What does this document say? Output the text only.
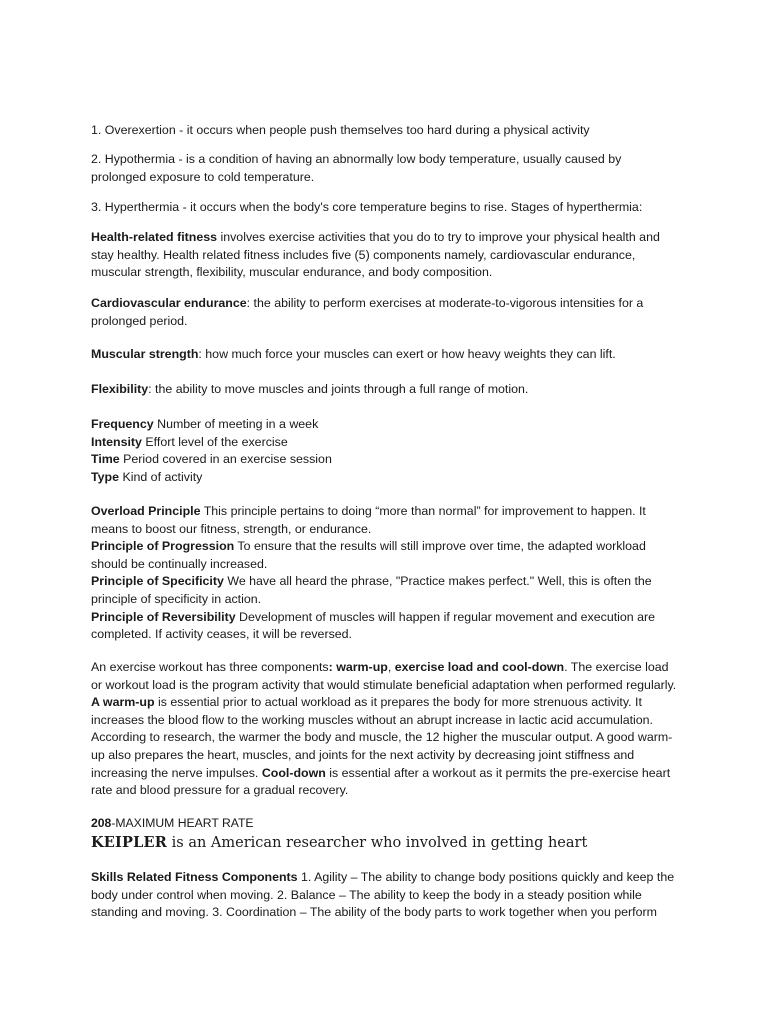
1. Overexertion - it occurs when people push themselves too hard during a physical activity

2. Hypothermia - is a condition of having an abnormally low body temperature, usually caused by prolonged exposure to cold temperature.

3. Hyperthermia - it occurs when the body's core temperature begins to rise. Stages of hyperthermia:

Health-related fitness involves exercise activities that you do to try to improve your physical health and stay healthy. Health related fitness includes five (5) components namely, cardiovascular endurance, muscular strength, flexibility, muscular endurance, and body composition.

Cardiovascular endurance: the ability to perform exercises at moderate-to-vigorous intensities for a prolonged period.

Muscular strength: how much force your muscles can exert or how heavy weights they can lift.

Flexibility: the ability to move muscles and joints through a full range of motion.

Frequency Number of meeting in a week
Intensity Effort level of the exercise
Time Period covered in an exercise session
Type Kind of activity
Overload Principle This principle pertains to doing “more than normal” for improvement to happen. It means to boost our fitness, strength, or endurance.
Principle of Progression To ensure that the results will still improve over time, the adapted workload should be continually increased.
Principle of Specificity We have all heard the phrase, "Practice makes perfect." Well, this is often the principle of specificity in action.
Principle of Reversibility Development of muscles will happen if regular movement and execution are completed. If activity ceases, it will be reversed.

An exercise workout has three components: warm-up, exercise load and cool-down. The exercise load or workout load is the program activity that would stimulate beneficial adaptation when performed regularly. A warm-up is essential prior to actual workload as it prepares the body for more strenuous activity. It increases the blood flow to the working muscles without an abrupt increase in lactic acid accumulation. According to research, the warmer the body and muscle, the 12 higher the muscular output. A good warm-up also prepares the heart, muscles, and joints for the next activity by decreasing joint stiffness and increasing the nerve impulses. Cool-down is essential after a workout as it permits the pre-exercise heart rate and blood pressure for a gradual recovery.

208-MAXIMUM HEART RATE

KEIPLER is an American researcher who involved in getting heart

Skills Related Fitness Components 1. Agility – The ability to change body positions quickly and keep the body under control when moving. 2. Balance – The ability to keep the body in a steady position while standing and moving. 3. Coordination – The ability of the body parts to work together when you perform
